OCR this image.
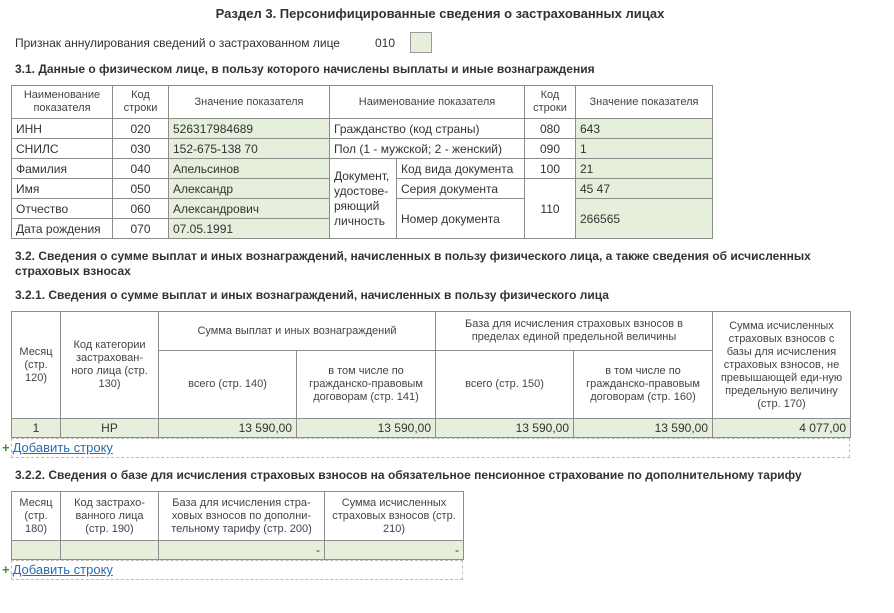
Раздел 3. Персонифицированные сведения о застрахованных лицах
Признак аннулирования сведений о застрахованном лице	010
3.1. Данные о физическом лице, в пользу которого начислены выплаты и иные вознаграждения
Наименование показателя	Код строки	Значение показателя	Наименование показателя		Код строки	Значение показателя
ИНН	020	526317984689	Гражданство (код страны)		080	643
СНИЛС	030	152-675-138 70	Пол (1 - мужской; 2 - женский)		090	1
Фамилия	040	Апельсинов	Документ, удостове-ряющий личность	Код вида документа	100	21
Имя	050	Александр		Серия документа	110	45 47
Отчество	060	Александрович		Номер документа		266565
Дата рождения	070	07.05.1991				
3.2. Сведения о сумме выплат и иных вознаграждений, начисленных в пользу физического лица, а также сведения об исчисленных страховых взносах
3.2.1. Сведения о сумме выплат и иных вознаграждений, начисленных в пользу физического лица
Месяц (стр. 120)	Код категории застрахован-ного лица (стр. 130)	Сумма выплат и иных вознаграждений		База для исчисления страховых взносов в пределах единой предельной величины		Сумма исчисленных страховых взносов с базы для исчисления страховых взносов, не превышающей еди-ную предельную величину (стр. 170)
		всего (стр. 140)	в том числе по гражданско-правовым договорам (стр. 141)	всего (стр. 150)	в том числе по гражданско-правовым договорам (стр. 160)	
1	НР	13 590,00	13 590,00	13 590,00	13 590,00	4 077,00
+ Добавить строку
3.2.2. Сведения о базе для исчисления страховых взносов на обязательное пенсионное страхование по дополнительному тарифу
Месяц (стр. 180)	Код застрахо-ванного лица (стр. 190)	База для исчисления стра-ховых взносов по дополни-тельному тарифу (стр. 200)	Сумма исчисленных страховых взносов (стр. 210)
		-	-
+ Добавить строку
